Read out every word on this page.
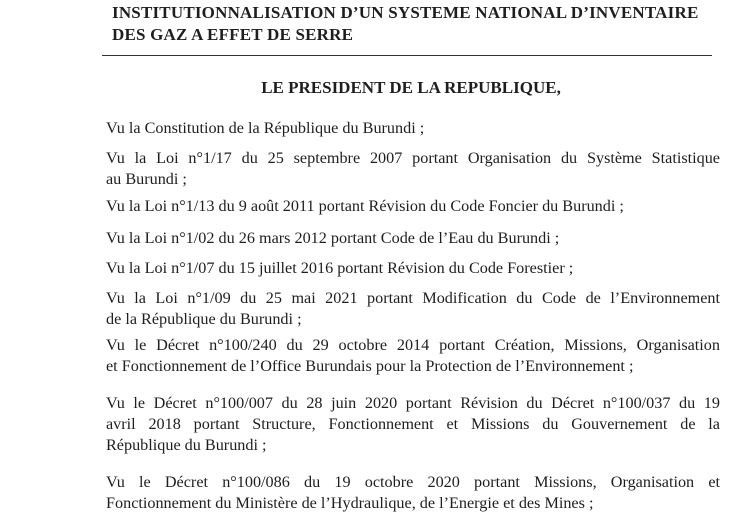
INSTITUTIONNALISATION D’UN SYSTEME NATIONAL D’INVENTAIRE
DES GAZ A EFFET DE SERRE
LE PRESIDENT DE LA REPUBLIQUE,
Vu la Constitution de la République du Burundi ;
Vu la Loi n°1/17 du 25 septembre 2007 portant Organisation du Système Statistique
au Burundi ;
Vu la Loi n°1/13 du 9 août 2011 portant Révision du Code Foncier du Burundi ;
Vu la Loi n°1/02 du 26 mars 2012 portant Code de l’Eau du Burundi ;
Vu la Loi n°1/07 du 15 juillet 2016 portant Révision du Code Forestier ;
Vu la Loi n°1/09 du 25 mai 2021 portant Modification du Code de l’Environnement
de la République du Burundi ;
Vu le Décret n°100/240 du 29 octobre 2014 portant Création, Missions, Organisation
et Fonctionnement de l’Office Burundais pour la Protection de l’Environnement ;
Vu le Décret n°100/007 du 28 juin 2020 portant Révision du Décret n°100/037 du 19
avril 2018 portant Structure, Fonctionnement et Missions du Gouvernement de la
République du Burundi ;
Vu le Décret n°100/086 du 19 octobre 2020 portant Missions, Organisation et
Fonctionnement du Ministère de l’Hydraulique, de l’Energie et des Mines ;
